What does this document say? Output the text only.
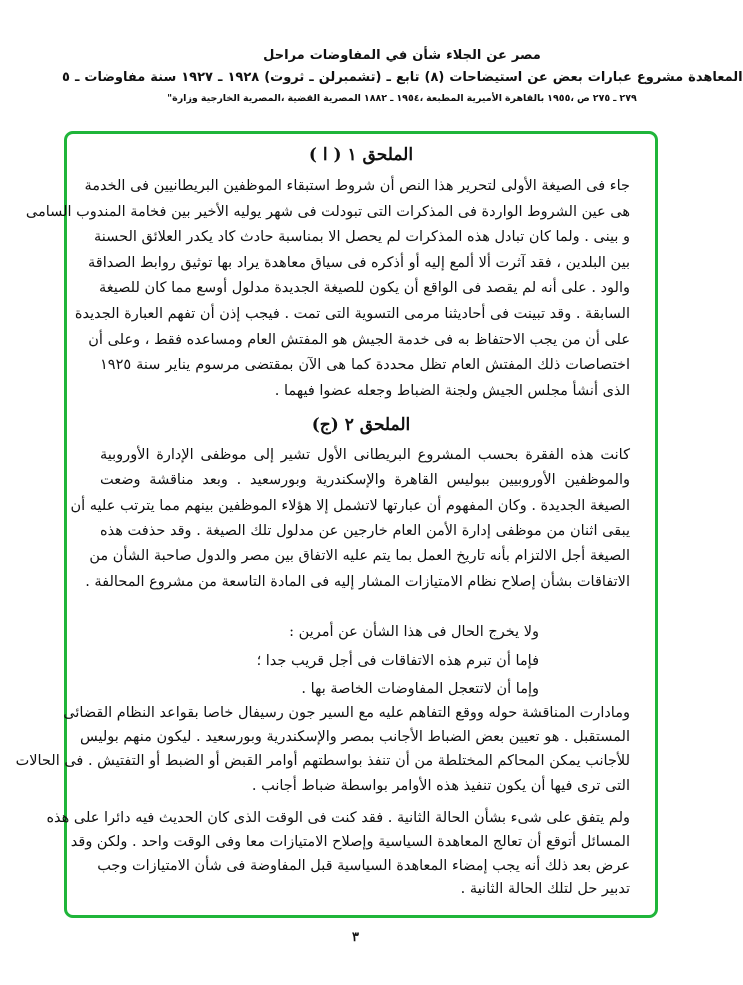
مراحل المفاوضات في شأن الجلاء عن مصر
٥ ـ مفاوضات سنة ١٩٢٧ ـ ١٩٢٨ (ثروت ـ تشمبرلن) ـ تابع (٨) استيضاحات عن بعض عبارات مشروع المعاهدة
"وزارة الخارجية المصرية، القضية المصرية ١٨٨٢ ـ ١٩٥٤، المطبعة الأميرية بالقاهرة ١٩٥٥، ص ٢٧٥ ـ ٢٧٩
الملحق ١ ( ا )
جاء فى الصيغة الأولى لتحرير هذا النص أن شروط استبقاء الموظفين البريطانيين فى الخدمة
هى عين الشروط الواردة فى المذكرات التى تبودلت فى شهر يوليه الأخير بين فخامة المندوب السامى
و بينى . ولما كان تبادل هذه المذكرات لم يحصل الا بمناسبة حادث كاد يكدر العلائق الحسنة
بين البلدين ، فقد آثرت ألا ألمع إليه أو أذكره فى سياق معاهدة يراد بها توثيق روابط الصداقة
والود . على أنه لم يقصد فى الواقع أن يكون للصيغة الجديدة مدلول أوسع مما كان للصيغة
السابقة . وقد تبينت فى أحاديثنا مرمى التسوية التى تمت . فيجب إذن أن تفهم العبارة الجديدة
على أن من يجب الاحتفاظ به فى خدمة الجيش هو المفتش العام ومساعده فقط ، وعلى أن
اختصاصات ذلك المفتش العام تظل محددة كما هى الآن بمقتضى مرسوم يناير سنة ١٩٢٥
الذى أنشأ مجلس الجيش ولجنة الضباط وجعله عضوا فيهما .
الملحق ٢ (ج)
كانت هذه الفقرة بحسب المشروع البريطانى الأول تشير إلى موظفى الإدارة الأوروبية
والموظفين الأوروبيين ببوليس القاهرة والإسكندرية وبورسعيد . وبعد مناقشة وضعت
الصيغة الجديدة . وكان المفهوم أن عبارتها لاتشمل إلا هؤلاء الموظفين بينهم مما يترتب عليه أن
يبقى اثنان من موظفى إدارة الأمن العام خارجين عن مدلول تلك الصيغة . وقد حذفت هذه
الصيغة أجل الالتزام بأنه تاريخ العمل بما يتم عليه الاتفاق بين مصر والدول صاحبة الشأن من
الاتفاقات بشأن إصلاح نظام الامتيازات المشار إليه فى المادة التاسعة من مشروع المحالفة .
ولا يخرج الحال فى هذا الشأن عن أمرين :
فإما أن تبرم هذه الاتفاقات فى أجل قريب جدا ؛
وإما أن لاتتعجل المفاوضات الخاصة بها .
ومادارت المناقشة حوله ووقع التفاهم عليه مع السير جون رسيفال خاصا بقواعد النظام القضائى
المستقبل . هو تعيين بعض الضباط الأجانب بمصر والإسكندرية وبورسعيد . ليكون منهم بوليس
للأجانب يمكن المحاكم المختلطة من أن تنفذ بواسطتهم أوامر القبض أو الضبط أو التفتيش . فى الحالات
التى ترى فيها أن يكون تنفيذ هذه الأوامر بواسطة ضباط أجانب .
ولم يتفق على شىء بشأن الحالة الثانية . فقد كنت فى الوقت الذى كان الحديث فيه دائرا على هذه
المسائل أتوقع أن تعالج المعاهدة السياسية وإصلاح الامتيازات معا وفى الوقت واحد . ولكن وقد
عرض بعد ذلك أنه يجب إمضاء المعاهدة السياسية قبل المفاوضة فى شأن الامتيازات وجب
تدبير حل لتلك الحالة الثانية .
٣
